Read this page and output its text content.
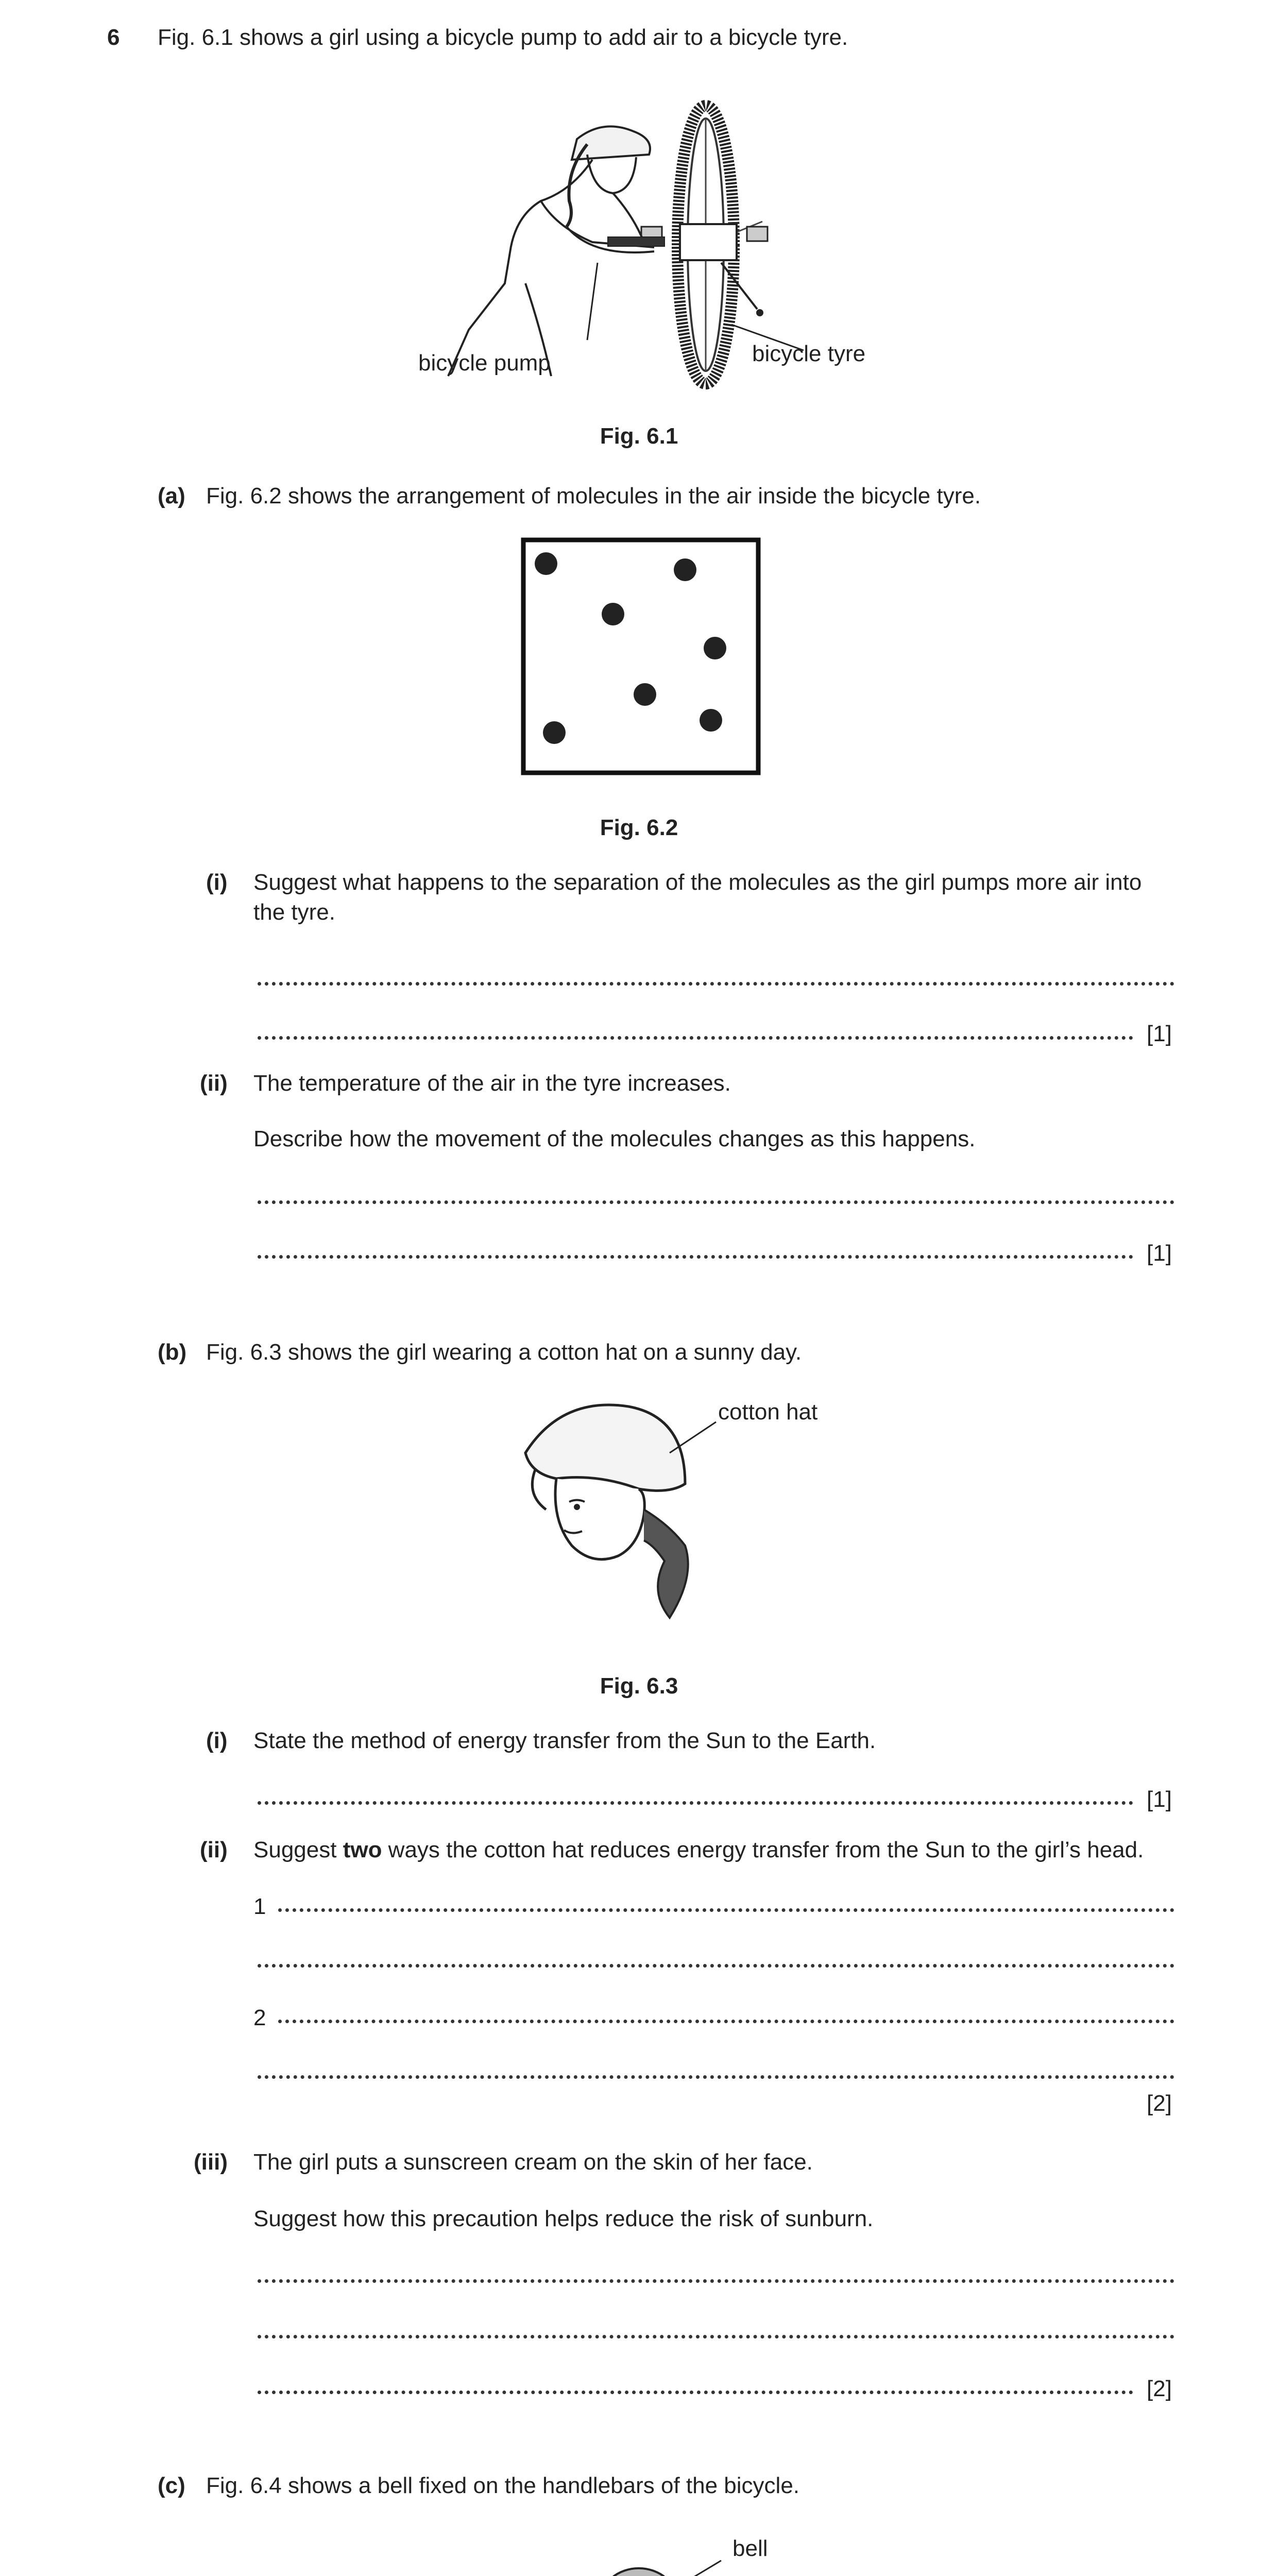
6 Fig. 6.1 shows a girl using a bicycle pump to add air to a bicycle tyre.
bicycle pump	bicycle tyre
Fig. 6.1
(a) Fig. 6.2 shows the arrangement of molecules in the air inside the bicycle tyre.
Fig. 6.2
(i) Suggest what happens to the separation of the molecules as the girl pumps more air into
the tyre.
[1]
(ii) The temperature of the air in the tyre increases.
Describe how the movement of the molecules changes as this happens.
[1]
(b) Fig. 6.3 shows the girl wearing a cotton hat on a sunny day.
cotton hat
Fig. 6.3
(i) State the method of energy transfer from the Sun to the Earth.
[1]
(ii) Suggest two ways the cotton hat reduces energy transfer from the Sun to the girl’s head.
1
2
[2]
(iii) The girl puts a sunscreen cream on the skin of her face.
Suggest how this precaution helps reduce the risk of sunburn.
[2]
(c) Fig. 6.4 shows a bell fixed on the handlebars of the bicycle.
bell
